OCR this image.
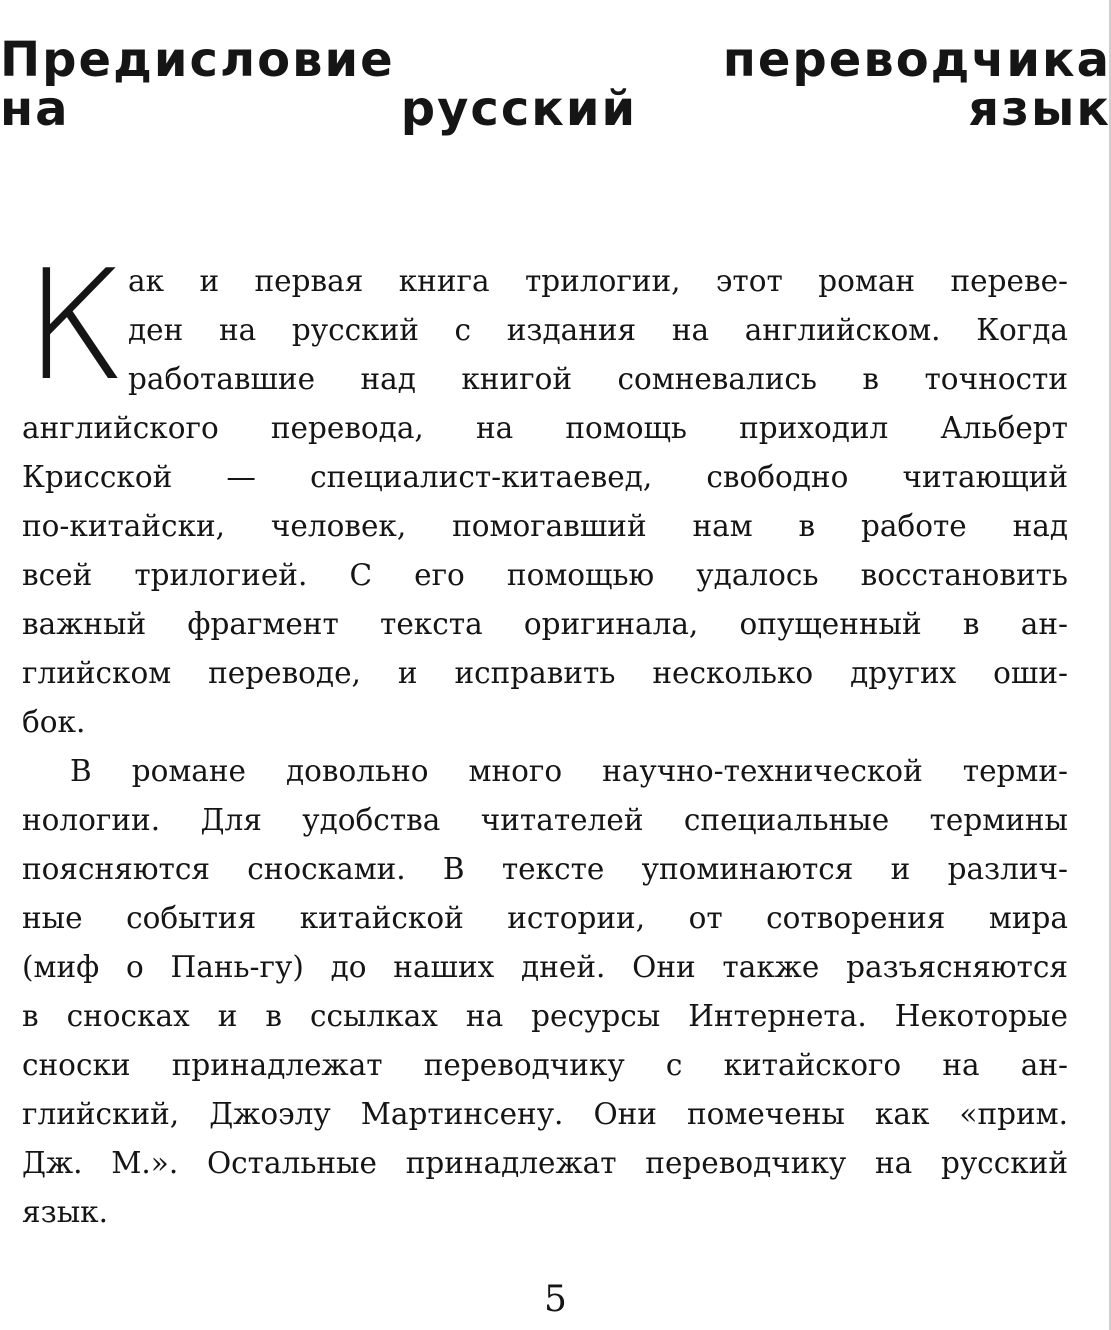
Предисловие переводчика
на русский язык
К ак и первая книга трилогии, этот роман переве-
ден на русский с издания на английском. Когда
работавшие над книгой сомневались в точности
английского перевода, на помощь приходил Альберт
Крисской — специалист-китаевед, свободно читающий
по-китайски, человек, помогавший нам в работе над
всей трилогией. С его помощью удалось восстановить
важный фрагмент текста оригинала, опущенный в ан-
глийском переводе, и исправить несколько других оши-
бок.
В романе довольно много научно-технической терми-
нологии. Для удобства читателей специальные термины
поясняются сносками. В тексте упоминаются и различ-
ные события китайской истории, от сотворения мира
(миф о Пань-гу) до наших дней. Они также разъясняются
в сносках и в ссылках на ресурсы Интернета. Некоторые
сноски принадлежат переводчику с китайского на ан-
глийский, Джоэлу Мартинсену. Они помечены как «прим.
Дж. М.». Остальные принадлежат переводчику на русский
язык.
5
